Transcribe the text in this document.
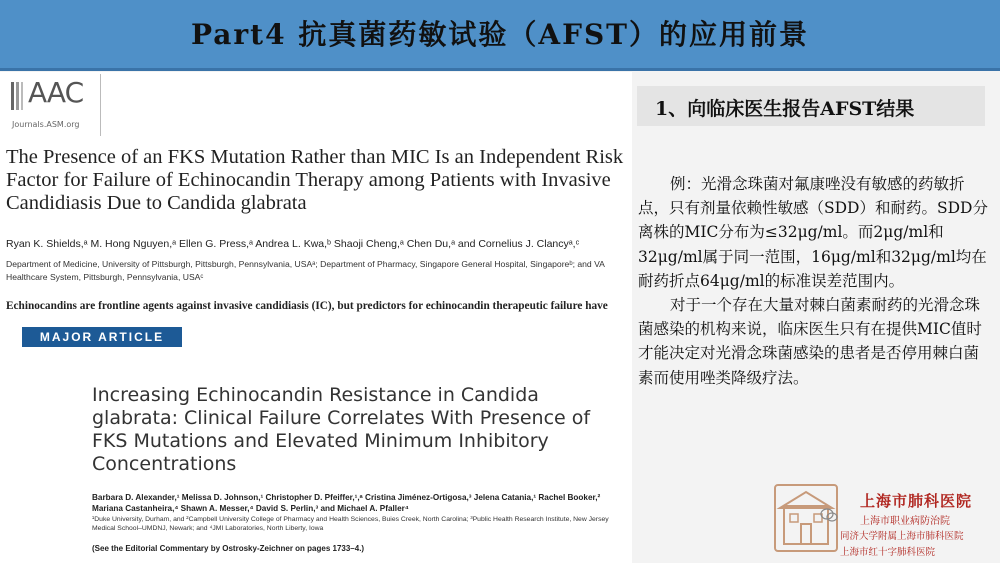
Part4 抗真菌药敏试验（AFST）的应用前景
AAC
Journals.ASM.org
The Presence of an FKS Mutation Rather than MIC Is an Independent Risk Factor for Failure of Echinocandin Therapy among Patients with Invasive Candidiasis Due to Candida glabrata
Ryan K. Shields,ᵃ M. Hong Nguyen,ᵃ Ellen G. Press,ᵃ Andrea L. Kwa,ᵇ Shaoji Cheng,ᵃ Chen Du,ᵃ and Cornelius J. Clancyᵃ,ᶜ
Department of Medicine, University of Pittsburgh, Pittsburgh, Pennsylvania, USAᵃ; Department of Pharmacy, Singapore General Hospital, Singaporeᵇ; and VA Healthcare System, Pittsburgh, Pennsylvania, USAᶜ
Echinocandins are frontline agents against invasive candidiasis (IC), but predictors for echinocandin therapeutic failure have
MAJOR ARTICLE
Increasing Echinocandin Resistance in Candida glabrata: Clinical Failure Correlates With Presence of FKS Mutations and Elevated Minimum Inhibitory Concentrations
Barbara D. Alexander,¹ Melissa D. Johnson,¹ Christopher D. Pfeiffer,¹,ᵃ Cristina Jiménez-Ortigosa,³ Jelena Catania,¹ Rachel Booker,² Mariana Castanheira,⁴ Shawn A. Messer,⁴ David S. Perlin,³ and Michael A. Pfaller⁴
¹Duke University, Durham, and ²Campbell University College of Pharmacy and Health Sciences, Buies Creek, North Carolina; ³Public Health Research Institute, New Jersey Medical School–UMDNJ, Newark; and ⁴JMI Laboratories, North Liberty, Iowa
(See the Editorial Commentary by Ostrosky-Zeichner on pages 1733–4.)
1、向临床医生报告AFST结果

例：光滑念珠菌对氟康唑没有敏感的药敏折点，只有剂量依赖性敏感（SDD）和耐药。SDD分离株的MIC分布为≤32μg/ml。而2μg/ml和32μg/ml属于同一范围，16μg/ml和32μg/ml均在耐药折点64μg/ml的标准误差范围内。

对于一个存在大量对棘白菌素耐药的光滑念珠菌感染的机构来说，临床医生只有在提供MIC值时才能决定对光滑念珠菌感染的患者是否停用棘白菌素而使用唑类降级疗法。

上海市肺科医院
上海市职业病防治院
同济大学附属上海市肺科医院
上海市红十字肺科医院
